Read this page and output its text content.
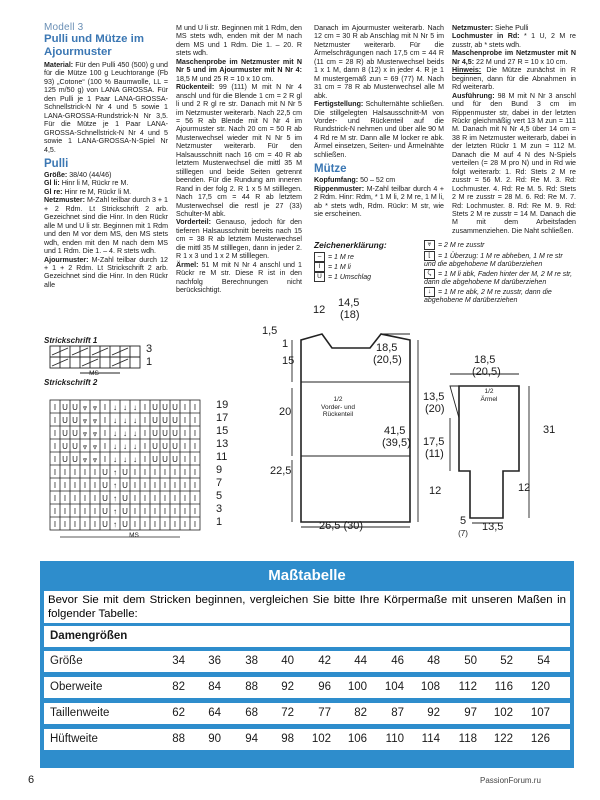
Modell 3

Pulli und Mütze im

Ajourmuster

Material: Für den Pulli 450 (500) g und für die Mütze 100 g Leuchtorange (Fb 93) „Cotone“ (100 % Baumwolle, LL = 125 m/50 g) von LANA GROSSA. Für den Pulli je 1 Paar LANA-GROSSA-Schnellstrick-N Nr 4 und 5 sowie 1 LANA-GROSSA-Rundstrick-N Nr 3,5. Für die Mütze je 1 Paar LANA-GROSSA-Schnellstrick-N Nr 4 und 5 sowie 1 LANA-GROSSA-N-Spiel Nr 4,5.

Pulli

Größe: 38/40 (44/46)

Gl li: Hinr li M, Rückr re M.

Gl re: Hinr re M, Rückr li M.

Netzmuster: M-Zahl teilbar durch 3 + 1 + 2 Rdm. Lt Strickschrift 2 arb. Gezeichnet sind die Hinr. In den Rückr alle M und U li str. Beginnen mit 1 Rdm und den M vor dem MS, den MS stets wdh, enden mit den M nach dem MS und 1 Rdm. Die 1. – 4. R stets wdh.

Ajourmuster: M-Zahl teilbar durch 12 + 1 + 2 Rdm. Lt Strickschrift 2 arb. Gezeichnet sind die Hinr. In den Rückr alle

M und U li str. Beginnen mit 1 Rdm, den MS stets wdh, enden mit der M nach dem MS und 1 Rdm. Die 1. – 20. R stets wdh.

Maschenprobe im Netzmuster mit N Nr 5 und im Ajourmuster mit N Nr 4: 18,5 M und 25 R = 10 x 10 cm.

Rückenteil: 99 (111) M mit N Nr 4 anschl und für die Blende 1 cm = 2 R gl li und 2 R gl re str. Danach mit N Nr 5 im Netzmuster weiterarb. Nach 22,5 cm = 56 R ab Blende mit N Nr 4 im Ajourmuster str. Nach 20 cm = 50 R ab Musterwechsel wieder mit N Nr 5 im Netzmuster weiterarb. Für den Halsausschnitt nach 16 cm = 40 R ab letztem Musterwechsel die mittl 35 M stilllegen und beide Seiten getrennt beenden. Für die Rundung am inneren Rand in der folg 2. R 1 x 5 M stilllegen. Nach 17,5 cm = 44 R ab letztem Musterwechsel die restl je 27 (33) Schulter-M abk.

Vorderteil: Genauso, jedoch für den tieferen Halsausschnitt bereits nach 15 cm = 38 R ab letztem Musterwechsel die mittl 35 M stilllegen, dann in jeder 2. R 1 x 3 und 1 x 2 M stilllegen.

Ärmel: 51 M mit N Nr 4 anschl und 1 Rückr re M str. Diese R ist in den nachfolg Berechnungen nicht berücksichtigt.

Danach im Ajourmuster weiterarb. Nach 12 cm = 30 R ab Anschlag mit N Nr 5 im Netzmuster weiterarb. Für die Ärmelschrägungen nach 17,5 cm = 44 R (11 cm = 28 R) ab Musterwechsel beids 1 x 1 M, dann 8 (12) x in jeder 4. R je 1 M mustergemäß zun = 69 (77) M. Nach 31 cm = 78 R ab Musterwechsel alle M abk.

Fertigstellung: Schulternähte schließen. Die stillgelegten Halsausschnitt-M von Vorder- und Rückenteil auf die Rundstrick-N nehmen und über alle 90 M 4 Rd re M str. Dann alle M locker re abk. Ärmel einsetzen, Seiten- und Ärmelnähte schließen.

Mütze

Kopfumfang: 50 – 52 cm

Rippenmuster: M-Zahl teilbar durch 4 + 2 Rdm. Hinr: Rdm, * 1 M li, 2 M re, 1 M li, ab * stets wdh, Rdm. Rückr: M str, wie sie erscheinen.

Netzmuster: Siehe Pulli

Lochmuster in Rd: * 1 U, 2 M re zusstr, ab * stets wdh.

Maschenprobe im Netzmuster mit N Nr 4,5: 22 M und 27 R = 10 x 10 cm.

Hinweis: Die Mütze zunächst in R beginnen, dann für die Abnahmen in Rd weiterarb.

Ausführung: 98 M mit N Nr 3 anschl und für den Bund 3 cm im Rippenmuster str, dabei in der letzten Rückr gleichmäßig vert 13 M zun = 111 M. Danach mit N Nr 4,5 über 14 cm = 38 R im Netzmuster weiterarb, dabei in der letzten Rückr 1 M zun = 112 M. Danach die M auf 4 N des N-Spiels verteilen (= 28 M pro N) und in Rd wie folgt weiterarb: 1. Rd: Stets 2 M re zusstr = 56 M. 2. Rd: Re M. 3. Rd: Lochmuster. 4. Rd: Re M. 5. Rd: Stets 2 M re zusstr = 28 M. 6. Rd: Re M. 7. Rd: Lochmuster. 8. Rd: Re M. 9. Rd: Stets 2 M re zusstr = 14 M. Danach die M mit dem Arbeitsfaden zusammenziehen. Die Naht schließen.

Zeichenerklärung:
– = 1 M re
I = 1 M li
U = 1 Umschlag
⩔ = 2 M re zusstr
⌊ = 1 Überzug: 1 M re abheben, 1 M re str und die abgehobene M darüberziehen
⤹ = 1 M li abk, Faden hinter der M, 2 M re str, dann die abgehobene M darüberziehen
↓ = 1 M re abk, 2 M re zusstr, dann die abgehobene M darüberziehen
Strickschrift 1
3
1
MS
Strickschrift 2
I U U ⩔ ⩔ I ↓ ↓ ↓ I U U U I I
I U U ⩔ ⩔ I ↓ ↓ ↓ I U U U I I
I U U ⩔ ⩔ I ↓ ↓ ↓ I U U U I I
I U U ⩔ ⩔ I ↓ ↓ ↓ I U U U I I
I U U ⩔ ⩔ I ↓ ↓ ↓ I U U U I I
I I I I I U ↑ U I I I I I I I
I I I I I U ↑ U I I I I I I I
I I I I I U ↑ U I I I I I I I
I I I I I U ↑ U I I I I I I I
I I I I I U ↑ U I I I I I I I
19
17
15
13
11
9
7
5
3
1
MS
14,5
(18)
12
1,5
1
15
20
22,5
18,5
(20,5)
41,5
(39,5)
26,5 (30)
1/2
Vorder- und
Rückenteil
18,5
(20,5)
13,5
(20)
17,5
(11)
12
31
12
5
(7)
13,5
1/2
Ärmel
Maßtabelle
Bevor Sie mit dem Stricken beginnen, vergleichen Sie bitte Ihre Körpermaße mit unseren Maßen in folgender Tabelle:
Damengrößen
Größe	34	36	38	40	42	44	46	48	50	52	54
Oberweite	82	84	88	92	96	100	104	108	112	116	120
Taillenweite	62	64	68	72	77	82	87	92	97	102	107
Hüftweite	88	90	94	98	102	106	110	114	118	122	126
6	PassionForum.ru
